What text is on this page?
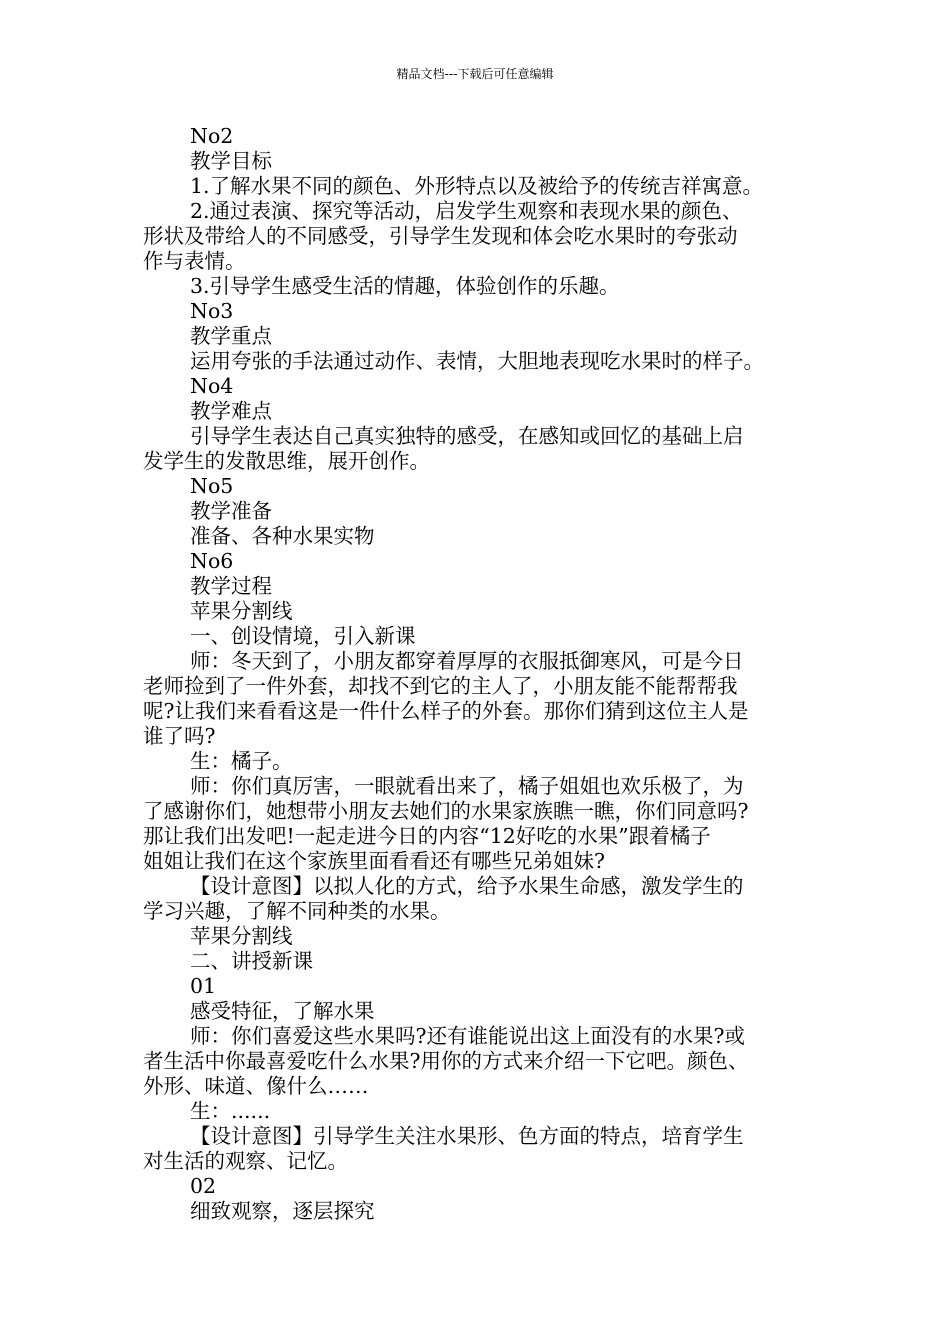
精品文档---下载后可任意编辑
No2
教学目标
1.了解水果不同的颜色、外形特点以及被给予的传统吉祥寓意。
2.通过表演、探究等活动，启发学生观察和表现水果的颜色、
形状及带给人的不同感受，引导学生发现和体会吃水果时的夸张动
作与表情。
3.引导学生感受生活的情趣，体验创作的乐趣。
No3
教学重点
运用夸张的手法通过动作、表情，大胆地表现吃水果时的样子。
No4
教学难点
引导学生表达自己真实独特的感受，在感知或回忆的基础上启
发学生的发散思维，展开创作。
No5
教学准备
准备、各种水果实物
No6
教学过程
苹果分割线
一、创设情境，引入新课
师：冬天到了，小朋友都穿着厚厚的衣服抵御寒风，可是今日
老师捡到了一件外套，却找不到它的主人了，小朋友能不能帮帮我
呢?让我们来看看这是一件什么样子的外套。那你们猜到这位主人是
谁了吗?
生：橘子。
师：你们真厉害，一眼就看出来了，橘子姐姐也欢乐极了，为
了感谢你们，她想带小朋友去她们的水果家族瞧一瞧，你们同意吗?
那让我们出发吧!一起走进今日的内容“12好吃的水果”跟着橘子
姐姐让我们在这个家族里面看看还有哪些兄弟姐妹?
【设计意图】以拟人化的方式，给予水果生命感，激发学生的
学习兴趣，了解不同种类的水果。
苹果分割线
二、讲授新课
01
感受特征，了解水果
师：你们喜爱这些水果吗?还有谁能说出这上面没有的水果?或
者生活中你最喜爱吃什么水果?用你的方式来介绍一下它吧。颜色、
外形、味道、像什么……
生：......
【设计意图】引导学生关注水果形、色方面的特点，培育学生
对生活的观察、记忆。
02
细致观察，逐层探究
